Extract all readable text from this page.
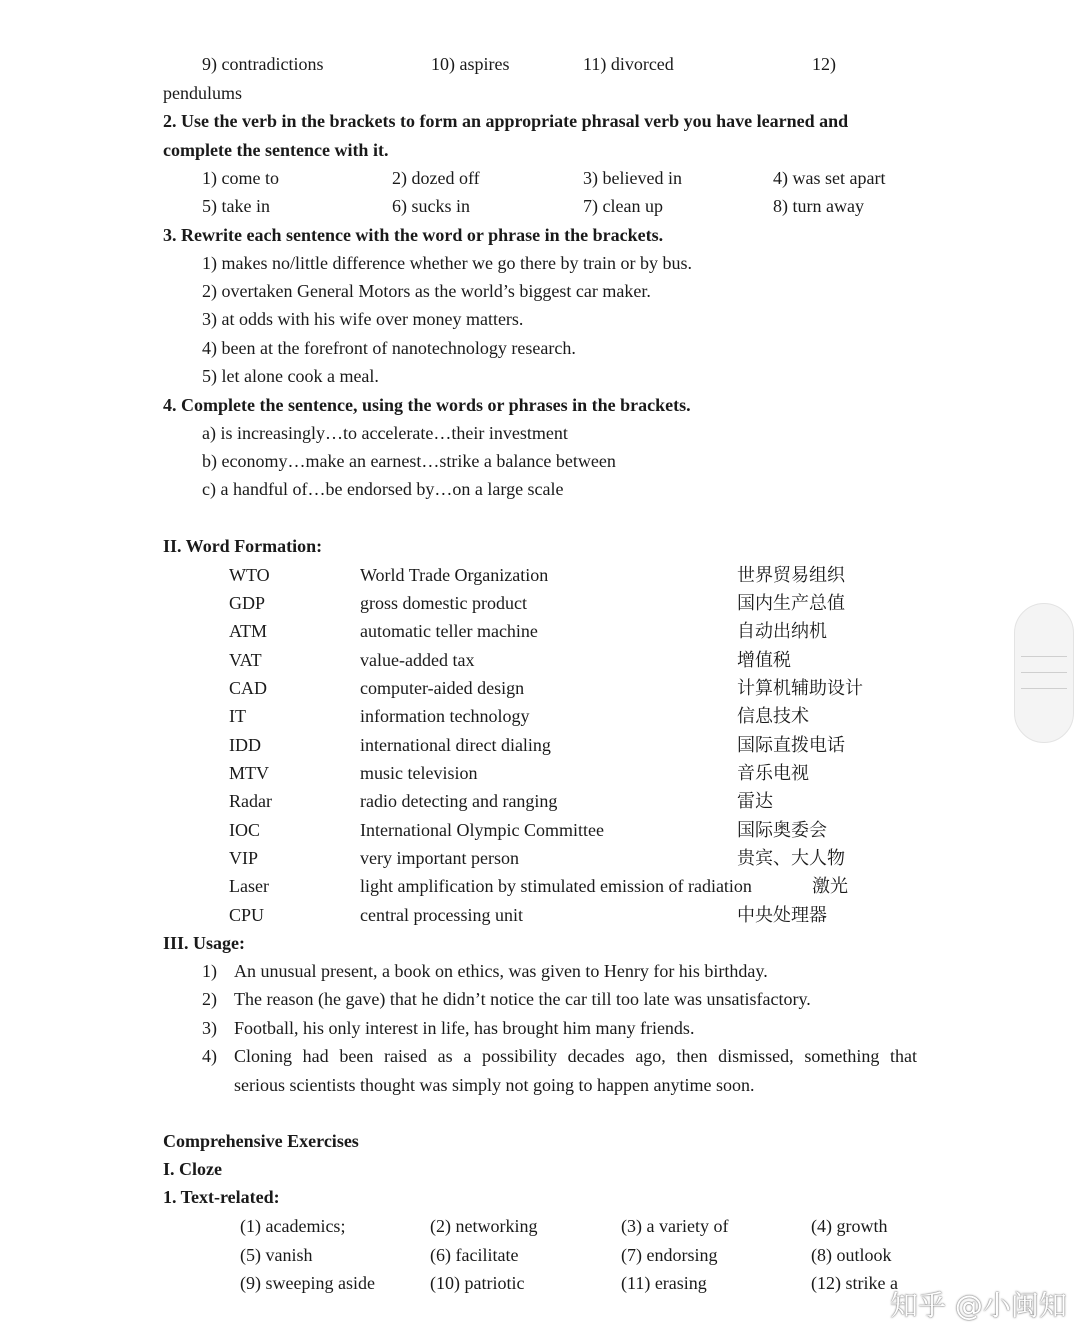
9) contradictions	10) aspires	11) divorced	12)
pendulums
2. Use the verb in the brackets to form an appropriate phrasal verb you have learned and
complete the sentence with it.
1) come to	2) dozed off	3) believed in	4) was set apart
5) take in	6) sucks in	7) clean up	8) turn away
3. Rewrite each sentence with the word or phrase in the brackets.
1) makes no/little difference whether we go there by train or by bus.
2) overtaken General Motors as the world’s biggest car maker.
3) at odds with his wife over money matters.
4) been at the forefront of nanotechnology research.
5) let alone cook a meal.
4. Complete the sentence, using the words or phrases in the brackets.
a) is increasingly…to accelerate…their investment
b) economy…make an earnest…strike a balance between
c) a handful of…be endorsed by…on a large scale
II. Word Formation:
WTO	World Trade Organization	世界贸易组织
GDP	gross domestic product	国内生产总值
ATM	automatic teller machine	自动出纳机
VAT	value-added tax	增值税
CAD	computer-aided design	计算机辅助设计
IT	information technology	信息技术
IDD	international direct dialing	国际直拨电话
MTV	music television	音乐电视
Radar	radio detecting and ranging	雷达
IOC	International Olympic Committee	国际奥委会
VIP	very important person	贵宾、大人物
Laser	light amplification by stimulated emission of radiation	激光
CPU	central processing unit	中央处理器
III. Usage:
1) An unusual present, a book on ethics, was given to Henry for his birthday.
2) The reason (he gave) that he didn’t notice the car till too late was unsatisfactory.
3) Football, his only interest in life, has brought him many friends.
4) Cloning had been raised as a possibility decades ago, then dismissed, something that
serious scientists thought was simply not going to happen anytime soon.
Comprehensive Exercises
I. Cloze
1. Text-related:
(1) academics;	(2) networking	(3) a variety of	(4) growth
(5) vanish	(6) facilitate	(7) endorsing	(8) outlook
(9) sweeping aside	(10) patriotic	(11) erasing	(12) strike a
知乎 @小闽知
